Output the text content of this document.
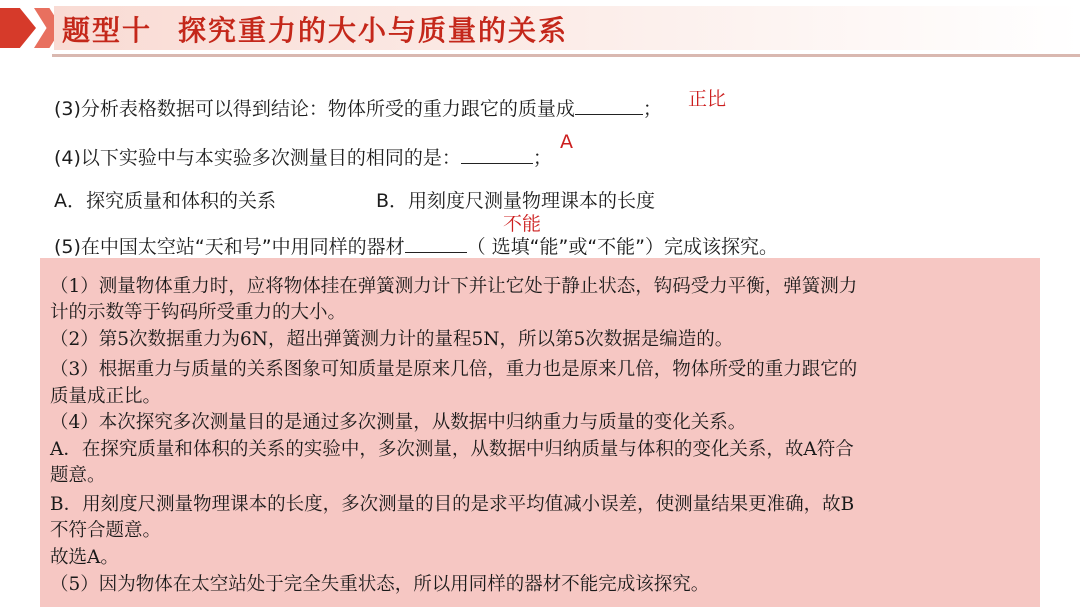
题型十 探究重力的大小与质量的关系
(3)分析表格数据可以得到结论：物体所受的重力跟它的质量成	； 正比
(4)以下实验中与本实验多次测量目的相同的是：	；
A
A．探究质量和体积的关系	B．用刻度尺测量物理课本的长度
(5)在中国太空站“天和号”中用同样的器材	（ 选填“能”或“不能”）完成该探究。
不能
（1）测量物体重力时，应将物体挂在弹簧测力计下并让它处于静止状态，钩码受力平衡，弹簧测力
计的示数等于钩码所受重力的大小。
（2）第5次数据重力为6N，超出弹簧测力计的量程5N，所以第5次数据是编造的。
（3）根据重力与质量的关系图象可知质量是原来几倍，重力也是原来几倍，物体所受的重力跟它的
质量成正比。
（4）本次探究多次测量目的是通过多次测量，从数据中归纳重力与质量的变化关系。
A．在探究质量和体积的关系的实验中，多次测量，从数据中归纳质量与体积的变化关系，故A符合
题意。
B．用刻度尺测量物理课本的长度，多次测量的目的是求平均值减小误差，使测量结果更准确，故B
不符合题意。
故选A。
（5）因为物体在太空站处于完全失重状态，所以用同样的器材不能完成该探究。
